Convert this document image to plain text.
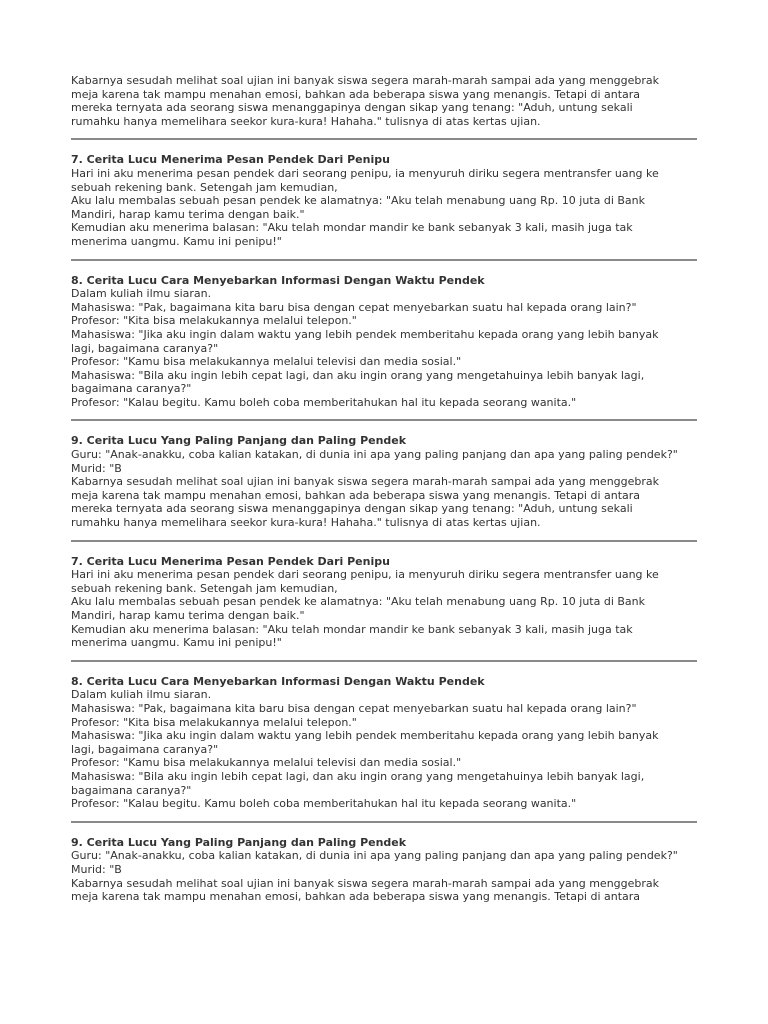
Kabarnya sesudah melihat soal ujian ini banyak siswa segera marah-marah sampai ada yang menggebrak

meja karena tak mampu menahan emosi, bahkan ada beberapa siswa yang menangis. Tetapi di antara

mereka ternyata ada seorang siswa menanggapinya dengan sikap yang tenang: "Aduh, untung sekali

rumahku hanya memelihara seekor kura-kura! Hahaha." tulisnya di atas kertas ujian.

7. Cerita Lucu Menerima Pesan Pendek Dari Penipu

Hari ini aku menerima pesan pendek dari seorang penipu, ia menyuruh diriku segera mentransfer uang ke

sebuah rekening bank. Setengah jam kemudian,

Aku lalu membalas sebuah pesan pendek ke alamatnya: "Aku telah menabung uang Rp. 10 juta di Bank

Mandiri, harap kamu terima dengan baik."

Kemudian aku menerima balasan: "Aku telah mondar mandir ke bank sebanyak 3 kali, masih juga tak

menerima uangmu. Kamu ini penipu!"

8. Cerita Lucu Cara Menyebarkan Informasi Dengan Waktu Pendek

Dalam kuliah ilmu siaran.

Mahasiswa: "Pak, bagaimana kita baru bisa dengan cepat menyebarkan suatu hal kepada orang lain?"

Profesor: "Kita bisa melakukannya melalui telepon."

Mahasiswa: "Jika aku ingin dalam waktu yang lebih pendek memberitahu kepada orang yang lebih banyak

lagi, bagaimana caranya?"

Profesor: "Kamu bisa melakukannya melalui televisi dan media sosial."

Mahasiswa: "Bila aku ingin lebih cepat lagi, dan aku ingin orang yang mengetahuinya lebih banyak lagi,

bagaimana caranya?"

Profesor: "Kalau begitu. Kamu boleh coba memberitahukan hal itu kepada seorang wanita."

9. Cerita Lucu Yang Paling Panjang dan Paling Pendek

Guru: "Anak-anakku, coba kalian katakan, di dunia ini apa yang paling panjang dan apa yang paling pendek?"

Murid: "B

Kabarnya sesudah melihat soal ujian ini banyak siswa segera marah-marah sampai ada yang menggebrak

meja karena tak mampu menahan emosi, bahkan ada beberapa siswa yang menangis. Tetapi di antara

mereka ternyata ada seorang siswa menanggapinya dengan sikap yang tenang: "Aduh, untung sekali

rumahku hanya memelihara seekor kura-kura! Hahaha." tulisnya di atas kertas ujian.

7. Cerita Lucu Menerima Pesan Pendek Dari Penipu

Hari ini aku menerima pesan pendek dari seorang penipu, ia menyuruh diriku segera mentransfer uang ke

sebuah rekening bank. Setengah jam kemudian,

Aku lalu membalas sebuah pesan pendek ke alamatnya: "Aku telah menabung uang Rp. 10 juta di Bank

Mandiri, harap kamu terima dengan baik."

Kemudian aku menerima balasan: "Aku telah mondar mandir ke bank sebanyak 3 kali, masih juga tak

menerima uangmu. Kamu ini penipu!"

8. Cerita Lucu Cara Menyebarkan Informasi Dengan Waktu Pendek

Dalam kuliah ilmu siaran.

Mahasiswa: "Pak, bagaimana kita baru bisa dengan cepat menyebarkan suatu hal kepada orang lain?"

Profesor: "Kita bisa melakukannya melalui telepon."

Mahasiswa: "Jika aku ingin dalam waktu yang lebih pendek memberitahu kepada orang yang lebih banyak

lagi, bagaimana caranya?"

Profesor: "Kamu bisa melakukannya melalui televisi dan media sosial."

Mahasiswa: "Bila aku ingin lebih cepat lagi, dan aku ingin orang yang mengetahuinya lebih banyak lagi,

bagaimana caranya?"

Profesor: "Kalau begitu. Kamu boleh coba memberitahukan hal itu kepada seorang wanita."

9. Cerita Lucu Yang Paling Panjang dan Paling Pendek

Guru: "Anak-anakku, coba kalian katakan, di dunia ini apa yang paling panjang dan apa yang paling pendek?"

Murid: "B

Kabarnya sesudah melihat soal ujian ini banyak siswa segera marah-marah sampai ada yang menggebrak

meja karena tak mampu menahan emosi, bahkan ada beberapa siswa yang menangis. Tetapi di antara
